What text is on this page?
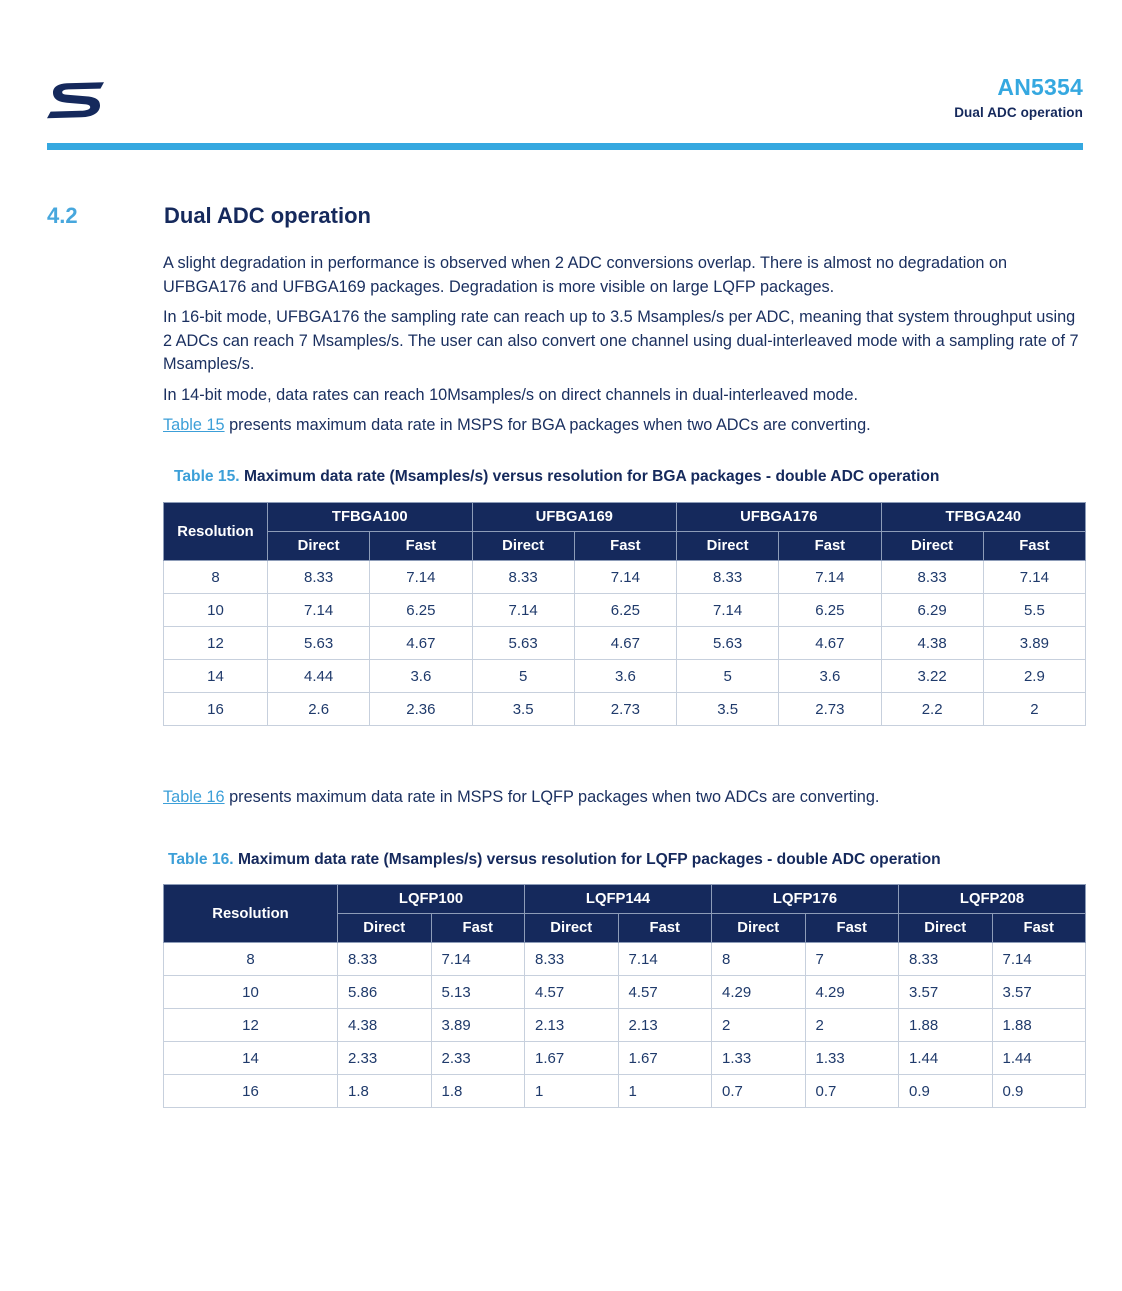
AN5354
Dual ADC operation
4.2	Dual ADC operation

A slight degradation in performance is observed when 2 ADC conversions overlap. There is almost no degradation on UFBGA176 and UFBGA169 packages. Degradation is more visible on large LQFP packages.

In 16-bit mode, UFBGA176 the sampling rate can reach up to 3.5 Msamples/s per ADC, meaning that system throughput using 2 ADCs can reach 7 Msamples/s. The user can also convert one channel using dual-interleaved mode with a sampling rate of 7 Msamples/s.

In 14-bit mode, data rates can reach 10Msamples/s on direct channels in dual-interleaved mode.

Table 15 presents maximum data rate in MSPS for BGA packages when two ADCs are converting.

Table 15. Maximum data rate (Msamples/s) versus resolution for BGA packages - double ADC operation
Resolution	TFBGA100		UFBGA169		UFBGA176		TFBGA240	
	Direct	Fast	Direct	Fast	Direct	Fast	Direct	Fast
8	8.33	7.14	8.33	7.14	8.33	7.14	8.33	7.14
10	7.14	6.25	7.14	6.25	7.14	6.25	6.29	5.5
12	5.63	4.67	5.63	4.67	5.63	4.67	4.38	3.89
14	4.44	3.6	5	3.6	5	3.6	3.22	2.9
16	2.6	2.36	3.5	2.73	3.5	2.73	2.2	2

Table 16 presents maximum data rate in MSPS for LQFP packages when two ADCs are converting.

Table 16. Maximum data rate (Msamples/s) versus resolution for LQFP packages - double ADC operation
Resolution	LQFP100		LQFP144		LQFP176		LQFP208	
	Direct	Fast	Direct	Fast	Direct	Fast	Direct	Fast
8	8.33	7.14	8.33	7.14	8	7	8.33	7.14
10	5.86	5.13	4.57	4.57	4.29	4.29	3.57	3.57
12	4.38	3.89	2.13	2.13	2	2	1.88	1.88
14	2.33	2.33	1.67	1.67	1.33	1.33	1.44	1.44
16	1.8	1.8	1	1	0.7	0.7	0.9	0.9
